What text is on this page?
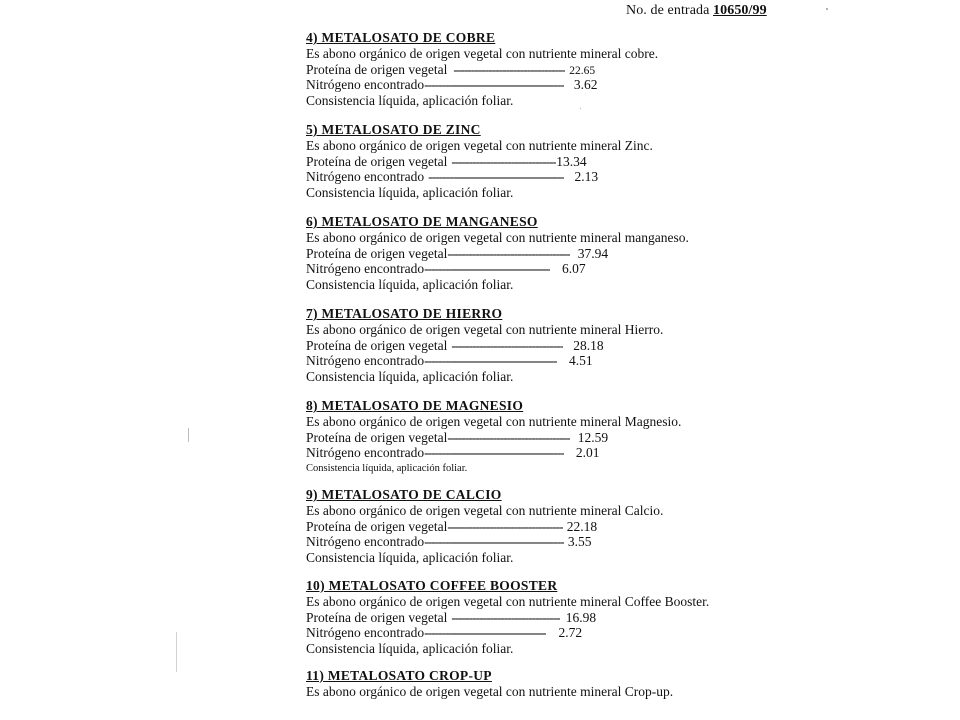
No. de entrada 10650/99
4) METALOSATO DE COBRE
Es abono orgánico de origen vegetal con nutriente mineral cobre.
Proteína de origen vegetal -------------------------------- 22.65
Nitrógeno encontrado ---------------------------------------- 3.62
Consistencia líquida, aplicación foliar.
5) METALOSATO DE ZINC
Es abono orgánico de origen vegetal con nutriente mineral Zinc.
Proteína de origen vegetal ------------------------------ 13.34
Nitrógeno encontrado --------------------------------------- 2.13
Consistencia líquida, aplicación foliar.
6) METALOSATO DE MANGANESO
Es abono orgánico de origen vegetal con nutriente mineral manganeso.
Proteína de origen vegetal ----------------------------------- 37.94
Nitrógeno encontrado ------------------------------------ 6.07
Consistencia líquida, aplicación foliar.
7) METALOSATO DE HIERRO
Es abono orgánico de origen vegetal con nutriente mineral Hierro.
Proteína de origen vegetal -------------------------------- 28.18
Nitrógeno encontrado -------------------------------------- 4.51
Consistencia líquida, aplicación foliar.
8) METALOSATO DE MAGNESIO
Es abono orgánico de origen vegetal con nutriente mineral Magnesio.
Proteína de origen vegetal ----------------------------------- 12.59
Nitrógeno encontrado ---------------------------------------- 2.01
Consistencia líquida, aplicación foliar.
9) METALOSATO DE CALCIO
Es abono orgánico de origen vegetal con nutriente mineral Calcio.
Proteína de origen vegetal --------------------------------- 22.18
Nitrógeno encontrado ---------------------------------------- 3.55
Consistencia líquida, aplicación foliar.
10) METALOSATO COFFEE BOOSTER
Es abono orgánico de origen vegetal con nutriente mineral Coffee Booster.
Proteína de origen vegetal ------------------------------- 16.98
Nitrógeno encontrado ----------------------------------- 2.72
Consistencia líquida, aplicación foliar.
11) METALOSATO CROP-UP
Es abono orgánico de origen vegetal con nutriente mineral Crop-up.
